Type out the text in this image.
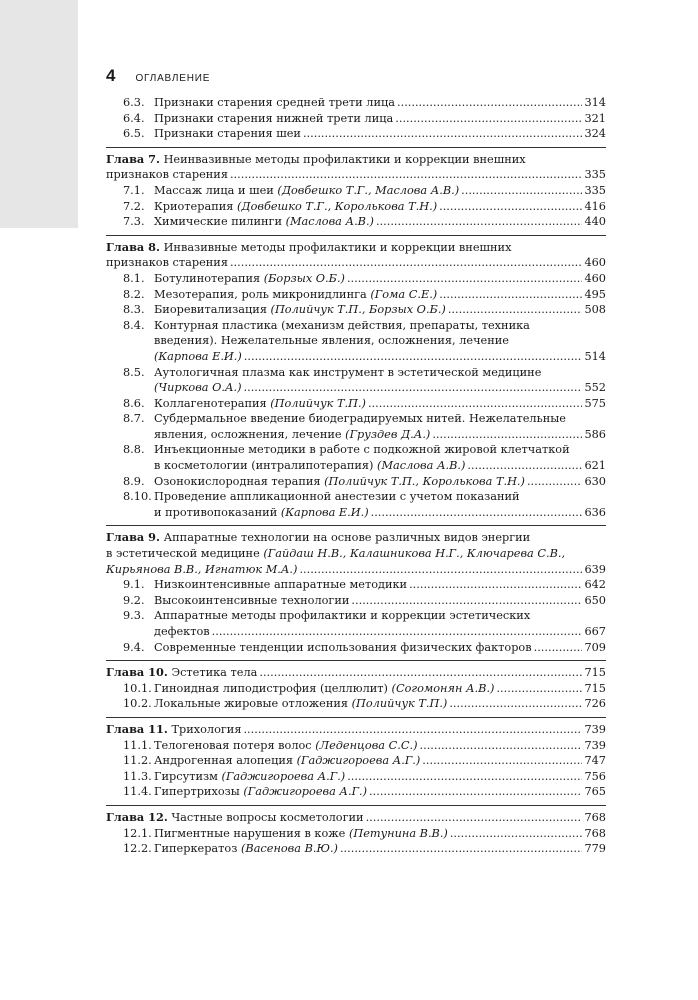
4 ОГЛАВЛЕНИЕ
6.3. Признаки старения средней трети лица .....	314
6.4. Признаки старения нижней трети лица .....	321
6.5. Признаки старения шеи .....	324
Глава 7. Неинвазивные методы профилактики и коррекции внешних
признаков старения .....	335
7.1. Массаж лица и шеи (Довбешко Т.Г., Маслова А.В.) .....	335
7.2. Криотерапия (Довбешко Т.Г., Королькова Т.Н.) .....	416
7.3. Химические пилинги (Маслова А.В.) .....	440
Глава 8. Инвазивные методы профилактики и коррекции внешних
признаков старения .....	460
8.1. Ботулинотерапия (Борзых О.Б.) .....	460
8.2. Мезотерапия, роль микронидлинга (Гома С.Е.) .....	495
8.3. Биоревитализация (Полийчук Т.П., Борзых О.Б.) .....	508
8.4. Контурная пластика (механизм действия, препараты, техника
введения). Нежелательные явления, осложнения, лечение
(Карпова Е.И.) .....	514
8.5. Аутологичная плазма как инструмент в эстетической медицине
(Чиркова О.А.) .....	552
8.6. Коллагенотерапия (Полийчук Т.П.) .....	575
8.7. Субдермальное введение биодеградируемых нитей. Нежелательные
явления, осложнения, лечение (Груздев Д.А.) .....	586
8.8. Инъекционные методики в работе с подкожной жировой клетчаткой
в косметологии (интралипотерапия) (Маслова А.В.) .....	621
8.9. Озонокислородная терапия (Полийчук Т.П., Королькова Т.Н.) .....	630
8.10. Проведение аппликационной анестезии с учетом показаний
и противопоказаний (Карпова Е.И.) .....	636
Глава 9. Аппаратные технологии на основе различных видов энергии
в эстетической медицине (Гайдаш Н.В., Калашникова Н.Г., Ключарева С.В.,
Кирьянова В.В., Игнатюк М.А.) .....	639
9.1. Низкоинтенсивные аппаратные методики .....	642
9.2. Высокоинтенсивные технологии .....	650
9.3. Аппаратные методы профилактики и коррекции эстетических
дефектов .....	667
9.4. Современные тенденции использования физических факторов .....	709
Глава 10. Эстетика тела .....	715
10.1. Гиноидная липодистрофия (целлюлит) (Согомонян А.В.) .....	715
10.2. Локальные жировые отложения (Полийчук Т.П.) .....	726
Глава 11. Трихология .....	739
11.1. Телогеновая потеря волос (Леденцова С.С.) .....	739
11.2. Андрогенная алопеция (Гаджигороева А.Г.) .....	747
11.3. Гирсутизм (Гаджигороева А.Г.) .....	756
11.4. Гипертрихозы (Гаджигороева А.Г.) .....	765
Глава 12. Частные вопросы косметологии .....	768
12.1. Пигментные нарушения в коже (Петунина В.В.) .....	768
12.2. Гиперкератоз (Васенова В.Ю.) .....	779
